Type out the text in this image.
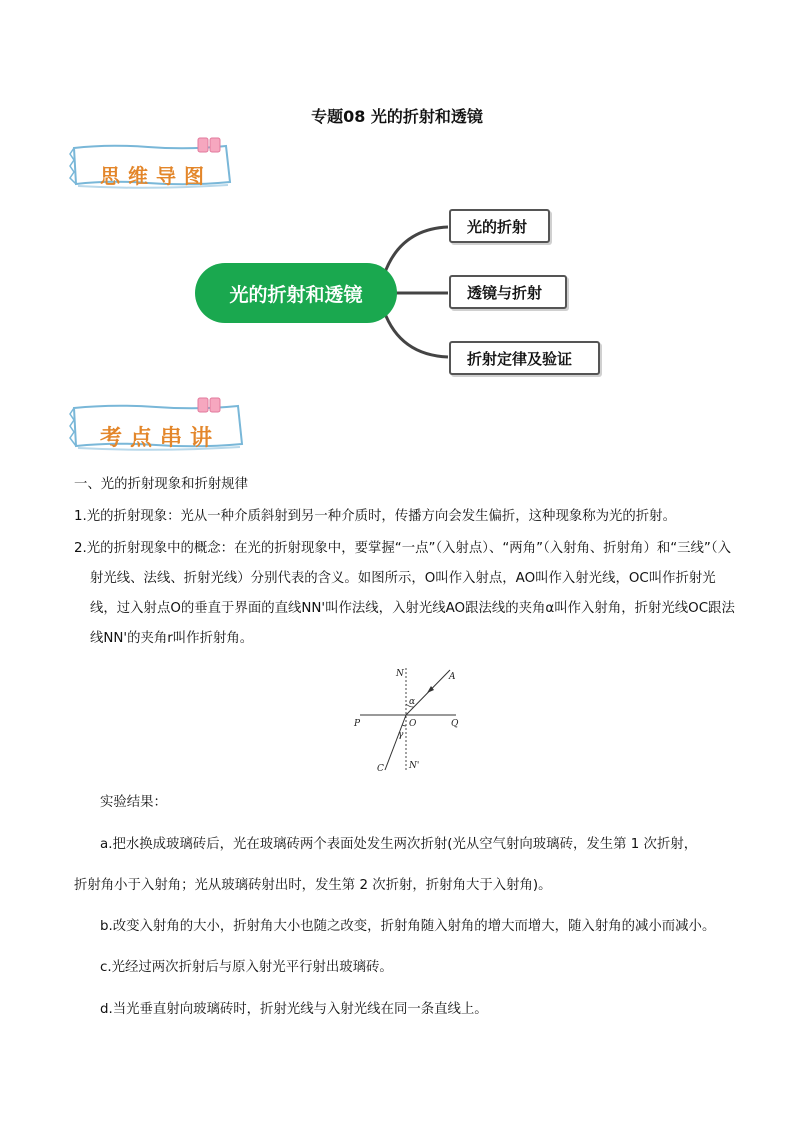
专题08 光的折射和透镜
思维导图
光的折射和透镜
光的折射
透镜与折射
折射定律及验证
考点串讲
一、光的折射现象和折射规律
1.光的折射现象：光从一种介质斜射到另一种介质时，传播方向会发生偏折，这种现象称为光的折射。
2.光的折射现象中的概念：在光的折射现象中，要掌握“一点”（入射点）、“两角”（入射角、折射角）和“三线”（入射光线、法线、折射光线）分别代表的含义。如图所示，O叫作入射点，AO叫作入射光线，OC叫作折射光线，过入射点O的垂直于界面的直线NN'叫作法线，入射光线AO跟法线的夹角α叫作入射角，折射光线OC跟法线NN'的夹角r叫作折射角。
N	A
α
P	O	Q
γ
C	N'
实验结果：
a.把水换成玻璃砖后，光在玻璃砖两个表面处发生两次折射(光从空气射向玻璃砖，发生第 1 次折射，
折射角小于入射角；光从玻璃砖射出时，发生第 2 次折射，折射角大于入射角)。
b.改变入射角的大小，折射角大小也随之改变，折射角随入射角的增大而增大，随入射角的减小而减小。
c.光经过两次折射后与原入射光平行射出玻璃砖。
d.当光垂直射向玻璃砖时，折射光线与入射光线在同一条直线上。
